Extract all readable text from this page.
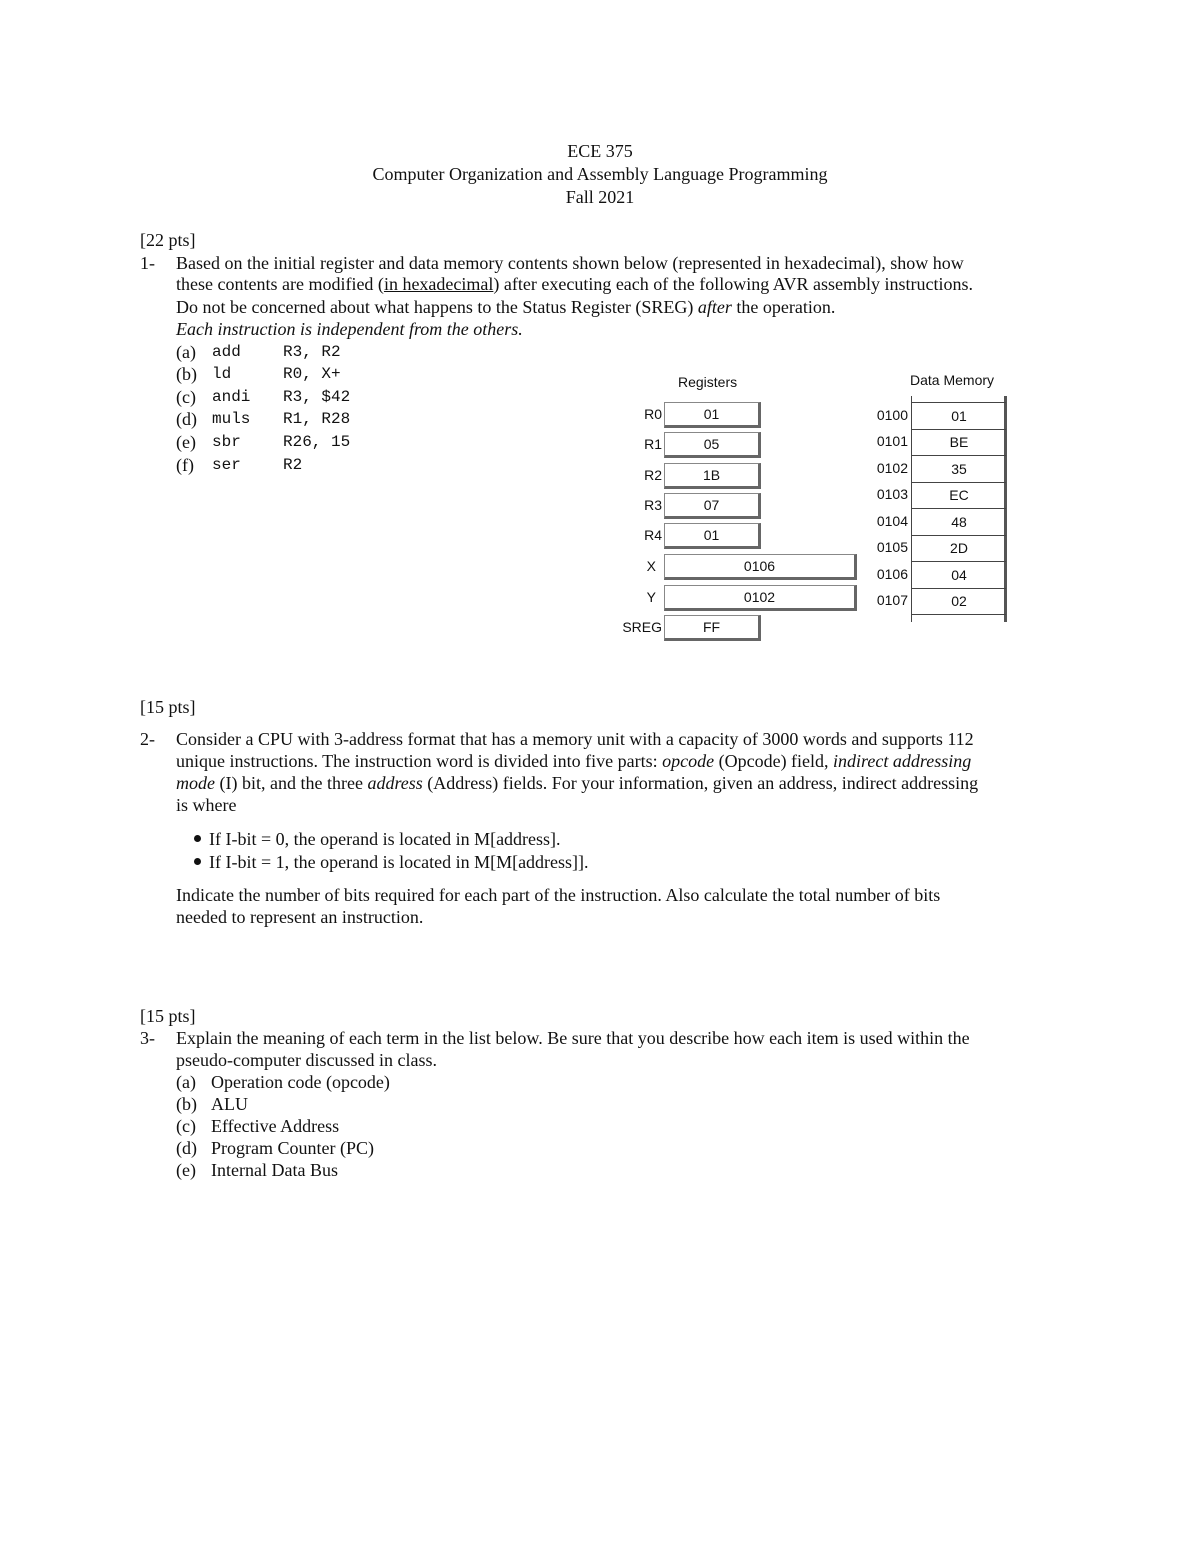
ECE 375
Computer Organization and Assembly Language Programming
Fall 2021
[22 pts]
1- Based on the initial register and data memory contents shown below (represented in hexadecimal), show how
these contents are modified (in hexadecimal) after executing each of the following AVR assembly instructions.
Do not be concerned about what happens to the Status Register (SREG) after the operation.
Each instruction is independent from the others.
(a) add	R3, R2
(b) ld	R0, X+
(c) andi R3, $42
(d) muls R1, R28
(e) sbr	R26, 15
(f) ser	R2
Registers
R0	01
R1	05
R2	1B
R3	07
R4	01
X	0106
Y	0102
SREG	FF
Data Memory
0100	01
0101	BE
0102	35
0103	EC
0104	48
0105	2D
0106	04
0107	02
[15 pts]
2- Consider a CPU with 3-address format that has a memory unit with a capacity of 3000 words and supports 112
unique instructions. The instruction word is divided into five parts: opcode (Opcode) field, indirect addressing
mode (I) bit, and the three address (Address) fields. For your information, given an address, indirect addressing
is where
If I-bit = 0, the operand is located in M[address].
If I-bit = 1, the operand is located in M[M[address]].
Indicate the number of bits required for each part of the instruction. Also calculate the total number of bits
needed to represent an instruction.
[15 pts]
3- Explain the meaning of each term in the list below. Be sure that you describe how each item is used within the
pseudo-computer discussed in class.
(a) Operation code (opcode)
(b) ALU
(c) Effective Address
(d) Program Counter (PC)
(e) Internal Data Bus
